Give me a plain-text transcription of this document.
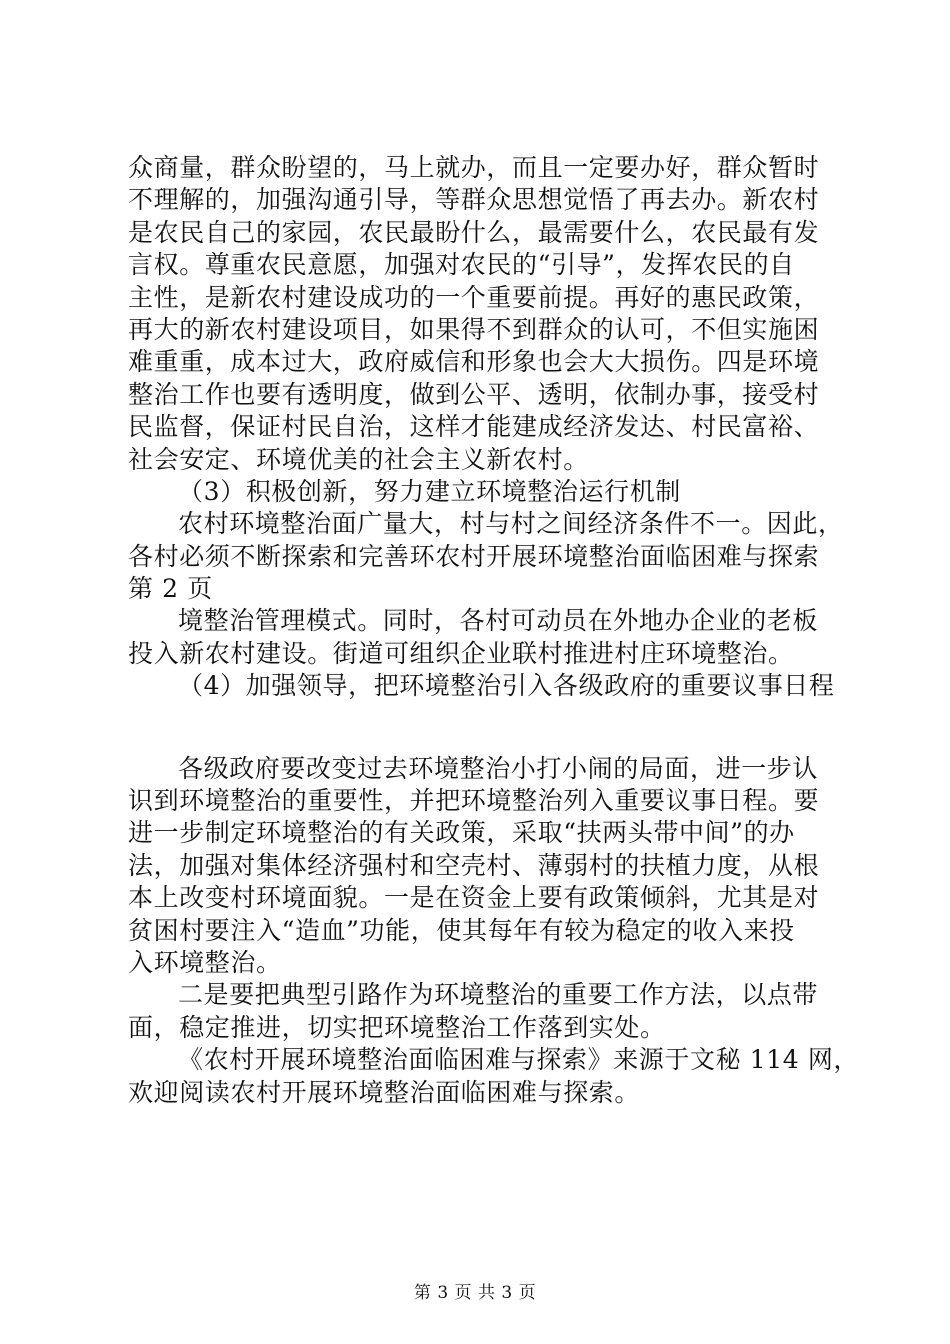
众商量，群众盼望的，马上就办，而且一定要办好，群众暂时
不理解的，加强沟通引导，等群众思想觉悟了再去办。新农村
是农民自己的家园，农民最盼什么，最需要什么，农民最有发
言权。尊重农民意愿，加强对农民的“引导”，发挥农民的自
主性，是新农村建设成功的一个重要前提。再好的惠民政策，
再大的新农村建设项目，如果得不到群众的认可，不但实施困
难重重，成本过大，政府威信和形象也会大大损伤。四是环境
整治工作也要有透明度，做到公平、透明，依制办事，接受村
民监督，保证村民自治，这样才能建成经济发达、村民富裕、
社会安定、环境优美的社会主义新农村。
（3）积极创新，努力建立环境整治运行机制
农村环境整治面广量大，村与村之间经济条件不一。因此，
各村必须不断探索和完善环农村开展环境整治面临困难与探索
第 2 页
境整治管理模式。同时，各村可动员在外地办企业的老板
投入新农村建设。街道可组织企业联村推进村庄环境整治。
（4）加强领导，把环境整治引入各级政府的重要议事日程
各级政府要改变过去环境整治小打小闹的局面，进一步认
识到环境整治的重要性，并把环境整治列入重要议事日程。要
进一步制定环境整治的有关政策，采取“扶两头带中间”的办
法，加强对集体经济强村和空壳村、薄弱村的扶植力度，从根
本上改变村环境面貌。一是在资金上要有政策倾斜，尤其是对
贫困村要注入“造血”功能，使其每年有较为稳定的收入来投
入环境整治。
二是要把典型引路作为环境整治的重要工作方法，以点带
面，稳定推进，切实把环境整治工作落到实处。
《农村开展环境整治面临困难与探索》来源于文秘 114 网，
欢迎阅读农村开展环境整治面临困难与探索。
第 3 页 共 3 页
